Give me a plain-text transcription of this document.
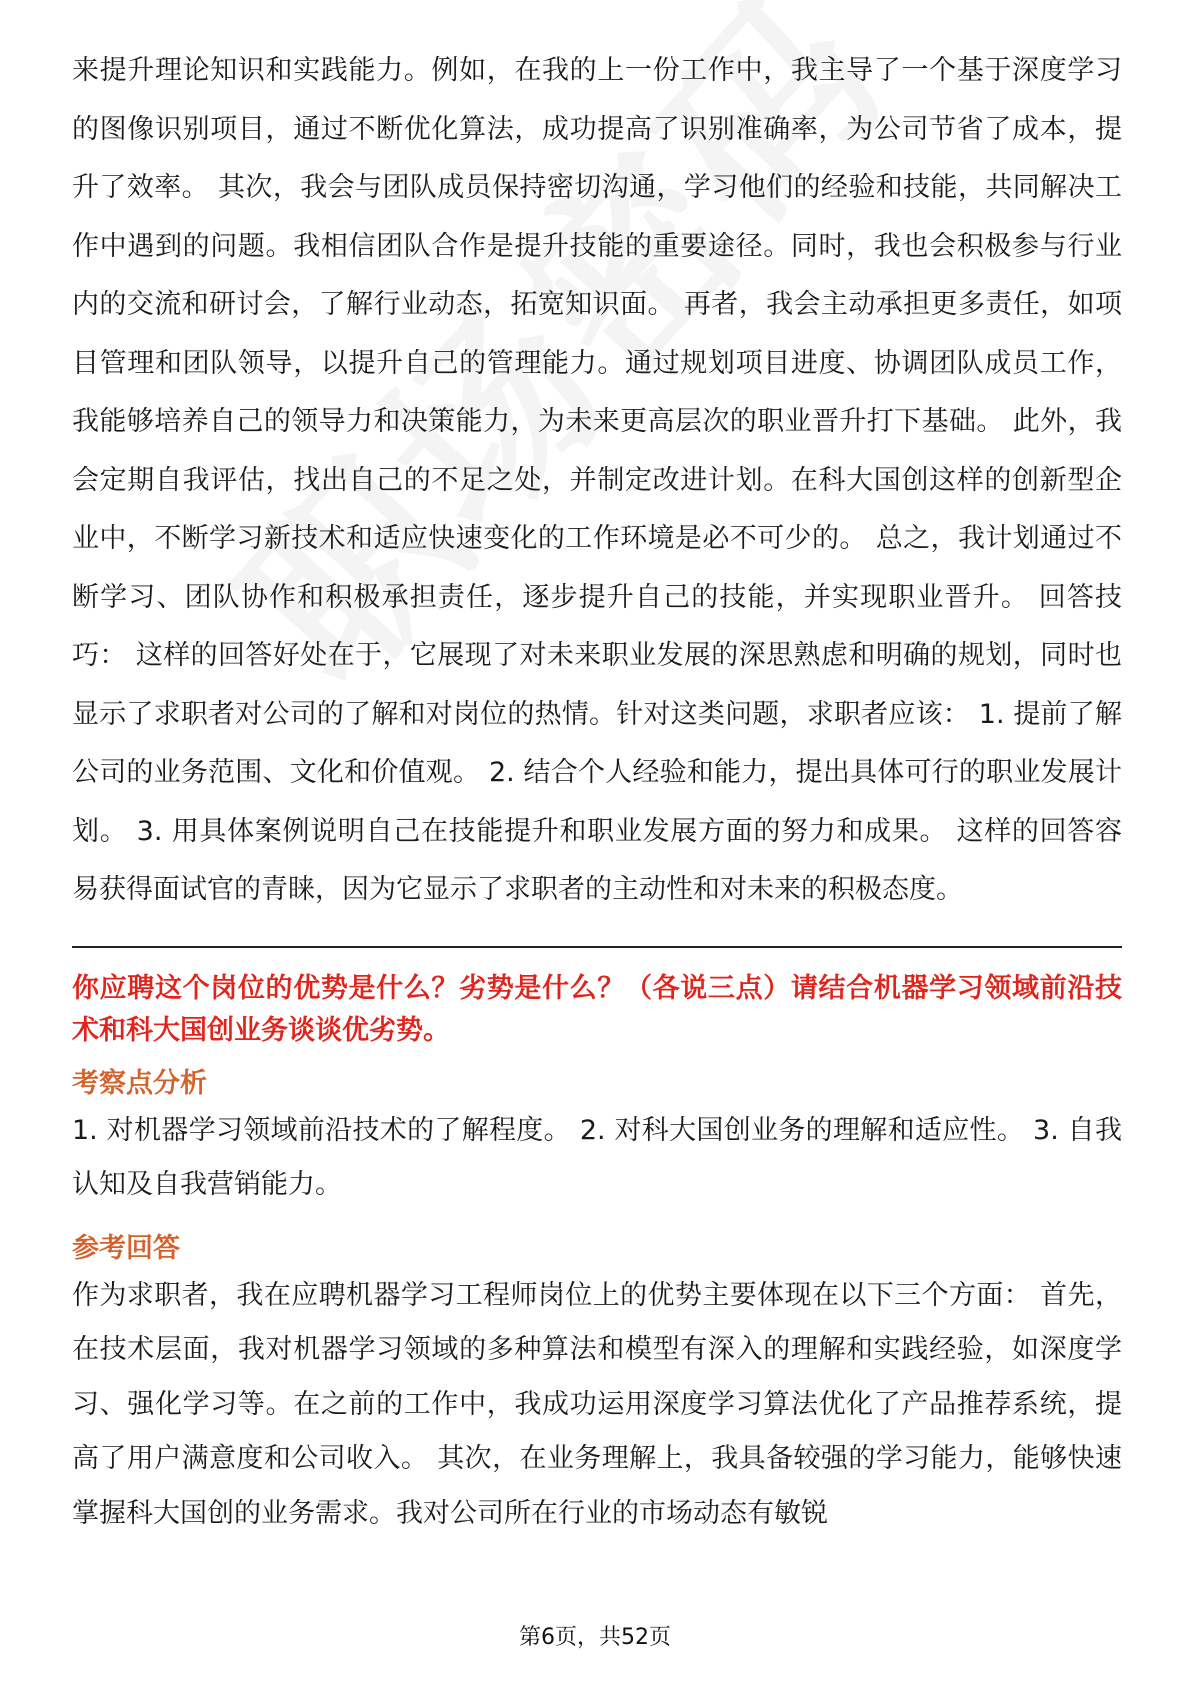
来提升理论知识和实践能力。例如，在我的上一份工作中，我主导了一个基于深度学习的图像识别项目，通过不断优化算法，成功提高了识别准确率，为公司节省了成本，提升了效率。 其次，我会与团队成员保持密切沟通，学习他们的经验和技能，共同解决工作中遇到的问题。我相信团队合作是提升技能的重要途径。同时，我也会积极参与行业内的交流和研讨会，了解行业动态，拓宽知识面。 再者，我会主动承担更多责任，如项目管理和团队领导，以提升自己的管理能力。通过规划项目进度、协调团队成员工作，我能够培养自己的领导力和决策能力，为未来更高层次的职业晋升打下基础。 此外，我会定期自我评估，找出自己的不足之处，并制定改进计划。在科大国创这样的创新型企业中，不断学习新技术和适应快速变化的工作环境是必不可少的。 总之，我计划通过不断学习、团队协作和积极承担责任，逐步提升自己的技能，并实现职业晋升。 回答技巧： 这样的回答好处在于，它展现了对未来职业发展的深思熟虑和明确的规划，同时也显示了求职者对公司的了解和对岗位的热情。针对这类问题，求职者应该： 1. 提前了解公司的业务范围、文化和价值观。 2. 结合个人经验和能力，提出具体可行的职业发展计划。 3. 用具体案例说明自己在技能提升和职业发展方面的努力和成果。 这样的回答容易获得面试官的青睐，因为它显示了求职者的主动性和对未来的积极态度。

你应聘这个岗位的优势是什么？劣势是什么？（各说三点）请结合机器学习领域前沿技术和科大国创业务谈谈优劣势。

考察点分析

1. 对机器学习领域前沿技术的了解程度。 2. 对科大国创业务的理解和适应性。 3. 自我认知及自我营销能力。

参考回答

作为求职者，我在应聘机器学习工程师岗位上的优势主要体现在以下三个方面： 首先，在技术层面，我对机器学习领域的多种算法和模型有深入的理解和实践经验，如深度学习、强化学习等。在之前的工作中，我成功运用深度学习算法优化了产品推荐系统，提高了用户满意度和公司收入。 其次，在业务理解上，我具备较强的学习能力，能够快速掌握科大国创的业务需求。我对公司所在行业的市场动态有敏锐

第6页，共52页
